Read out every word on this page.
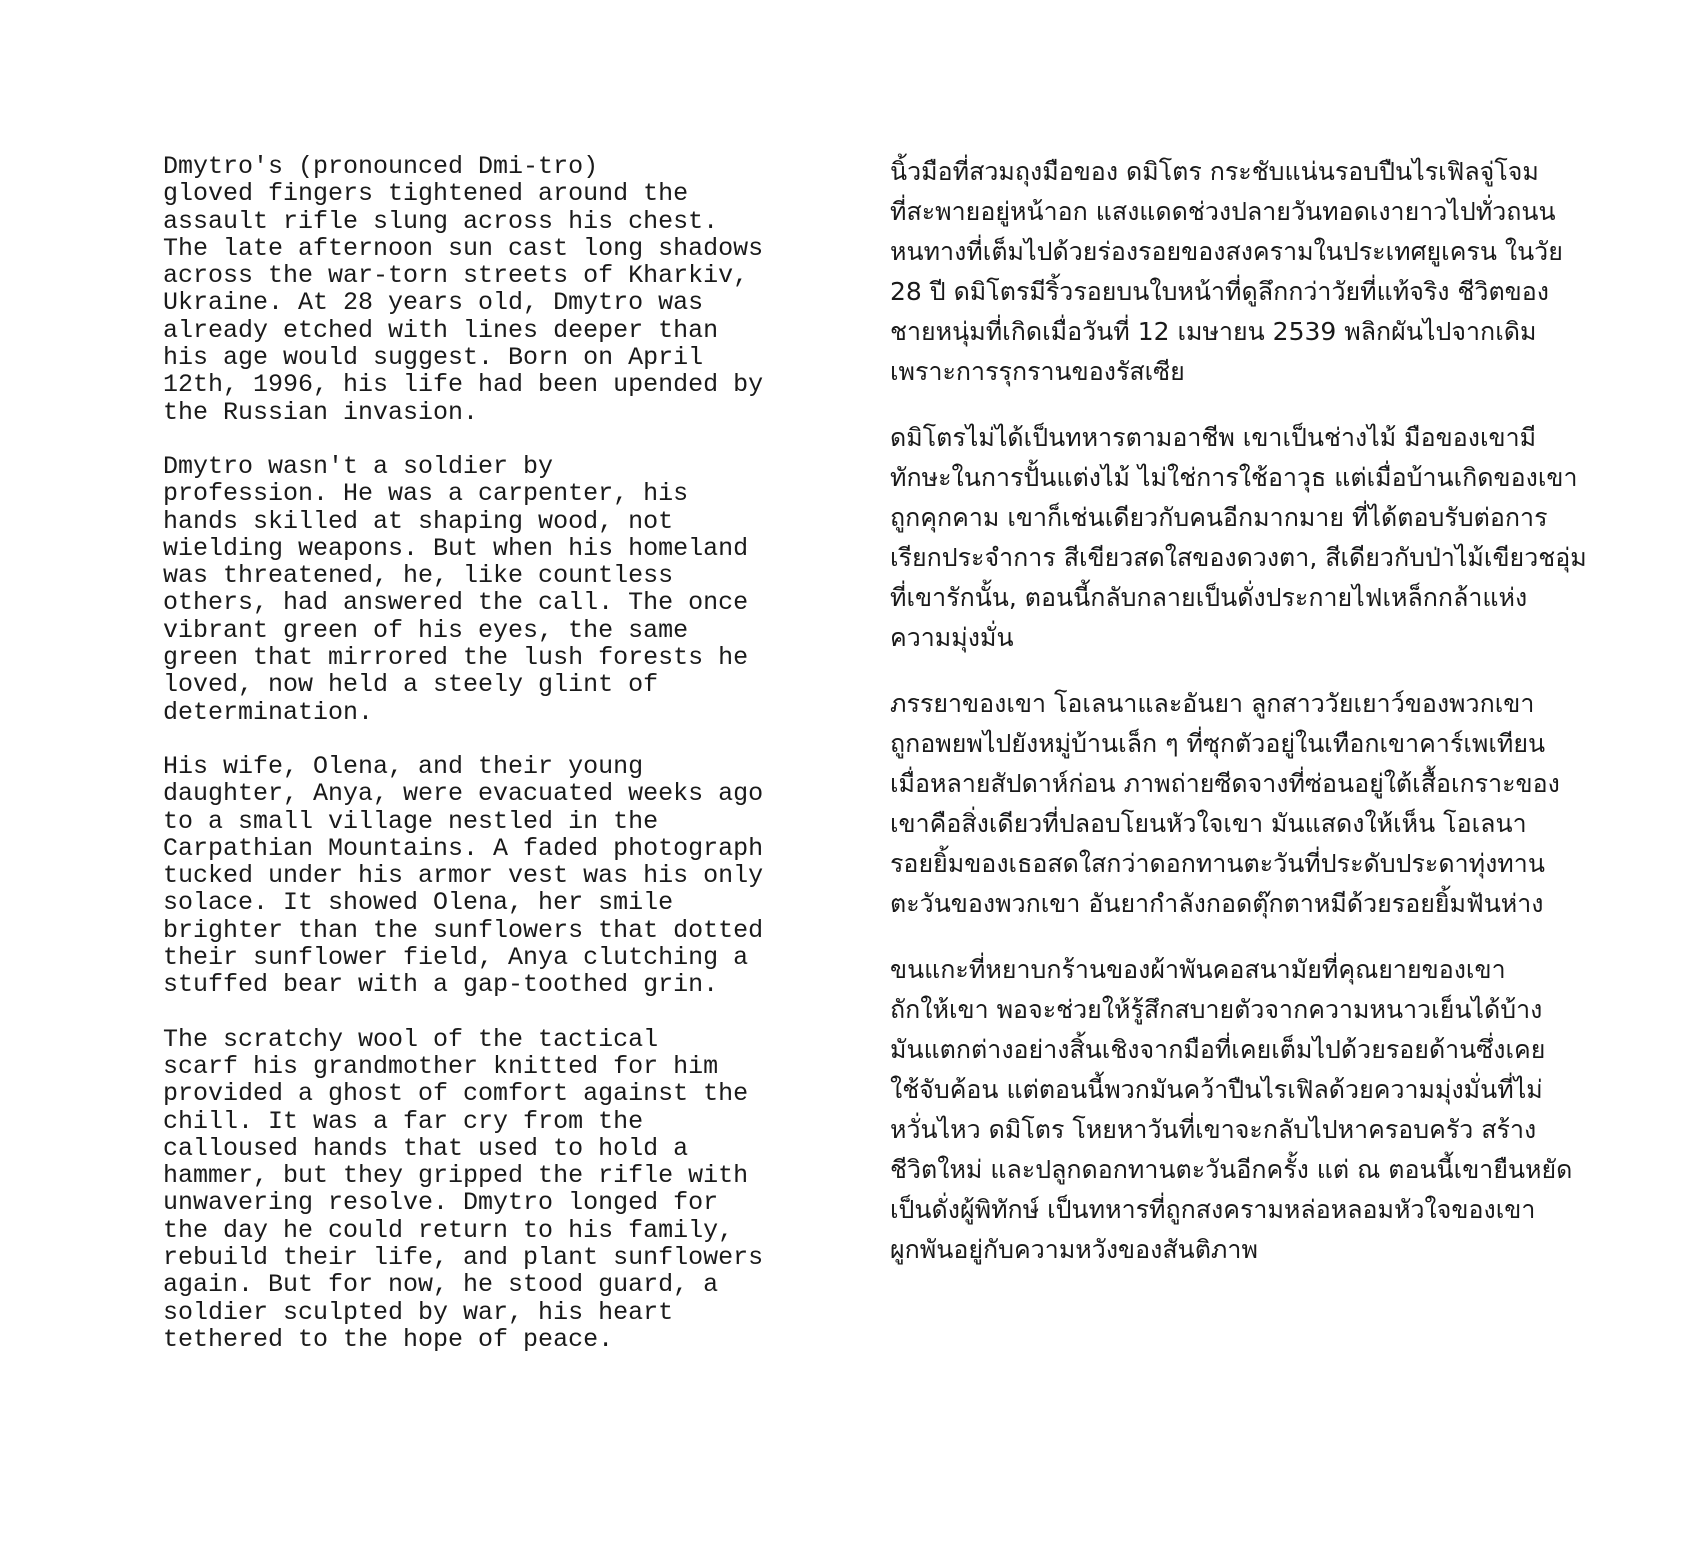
Dmytro's (pronounced Dmi-tro)
gloved fingers tightened around the
assault rifle slung across his chest.
The late afternoon sun cast long shadows
across the war-torn streets of Kharkiv,
Ukraine. At 28 years old, Dmytro was
already etched with lines deeper than
his age would suggest. Born on April
12th, 1996, his life had been upended by
the Russian invasion.

Dmytro wasn't a soldier by
profession. He was a carpenter, his
hands skilled at shaping wood, not
wielding weapons. But when his homeland
was threatened, he, like countless
others, had answered the call. The once
vibrant green of his eyes, the same
green that mirrored the lush forests he
loved, now held a steely glint of
determination.

His wife, Olena, and their young
daughter, Anya, were evacuated weeks ago
to a small village nestled in the
Carpathian Mountains. A faded photograph
tucked under his armor vest was his only
solace. It showed Olena, her smile
brighter than the sunflowers that dotted
their sunflower field, Anya clutching a
stuffed bear with a gap-toothed grin.

The scratchy wool of the tactical
scarf his grandmother knitted for him
provided a ghost of comfort against the
chill. It was a far cry from the
calloused hands that used to hold a
hammer, but they gripped the rifle with
unwavering resolve. Dmytro longed for
the day he could return to his family,
rebuild their life, and plant sunflowers
again. But for now, he stood guard, a
soldier sculpted by war, his heart
tethered to the hope of peace.

นิ้วมือที่สวมถุงมือของ ดมิโตร กระชับแน่นรอบปืนไรเฟิลจู่โจม
ที่สะพายอยู่หน้าอก แสงแดดช่วงปลายวันทอดเงายาวไปทั่วถนน
หนทางที่เต็มไปด้วยร่องรอยของสงครามในประเทศยูเครน ในวัย
28 ปี ดมิโตรมีริ้วรอยบนใบหน้าที่ดูลึกกว่าวัยที่แท้จริง ชีวิตของ
ชายหนุ่มที่เกิดเมื่อวันที่ 12 เมษายน 2539 พลิกผันไปจากเดิม
เพราะการรุกรานของรัสเซีย

ดมิโตรไม่ได้เป็นทหารตามอาชีพ เขาเป็นช่างไม้ มือของเขามี
ทักษะในการปั้นแต่งไม้ ไม่ใช่การใช้อาวุธ แต่เมื่อบ้านเกิดของเขา
ถูกคุกคาม เขาก็เช่นเดียวกับคนอีกมากมาย ที่ได้ตอบรับต่อการ
เรียกประจำการ สีเขียวสดใสของดวงตา, สีเดียวกับป่าไม้เขียวชอุ่ม
ที่เขารักนั้น, ตอนนี้กลับกลายเป็นดั่งประกายไฟเหล็กกล้าแห่ง
ความมุ่งมั่น

ภรรยาของเขา โอเลนาและอันยา ลูกสาววัยเยาว์ของพวกเขา
ถูกอพยพไปยังหมู่บ้านเล็ก ๆ ที่ซุกตัวอยู่ในเทือกเขาคาร์เพเทียน
เมื่อหลายสัปดาห์ก่อน ภาพถ่ายซีดจางที่ซ่อนอยู่ใต้เสื้อเกราะของ
เขาคือสิ่งเดียวที่ปลอบโยนหัวใจเขา มันแสดงให้เห็น โอเลนา
รอยยิ้มของเธอสดใสกว่าดอกทานตะวันที่ประดับประดาทุ่งทาน
ตะวันของพวกเขา อันยากำลังกอดตุ๊กตาหมีด้วยรอยยิ้มฟันห่าง

ขนแกะที่หยาบกร้านของผ้าพันคอสนามัยที่คุณยายของเขา
ถักให้เขา พอจะช่วยให้รู้สึกสบายตัวจากความหนาวเย็นได้บ้าง
มันแตกต่างอย่างสิ้นเชิงจากมือที่เคยเต็มไปด้วยรอยด้านซึ่งเคย
ใช้จับค้อน แต่ตอนนี้พวกมันคว้าปืนไรเฟิลด้วยความมุ่งมั่นที่ไม่
หวั่นไหว ดมิโตร โหยหาวันที่เขาจะกลับไปหาครอบครัว สร้าง
ชีวิตใหม่ และปลูกดอกทานตะวันอีกครั้ง แต่ ณ ตอนนี้เขายืนหยัด
เป็นดั่งผู้พิทักษ์ เป็นทหารที่ถูกสงครามหล่อหลอมหัวใจของเขา
ผูกพันอยู่กับความหวังของสันติภาพ
